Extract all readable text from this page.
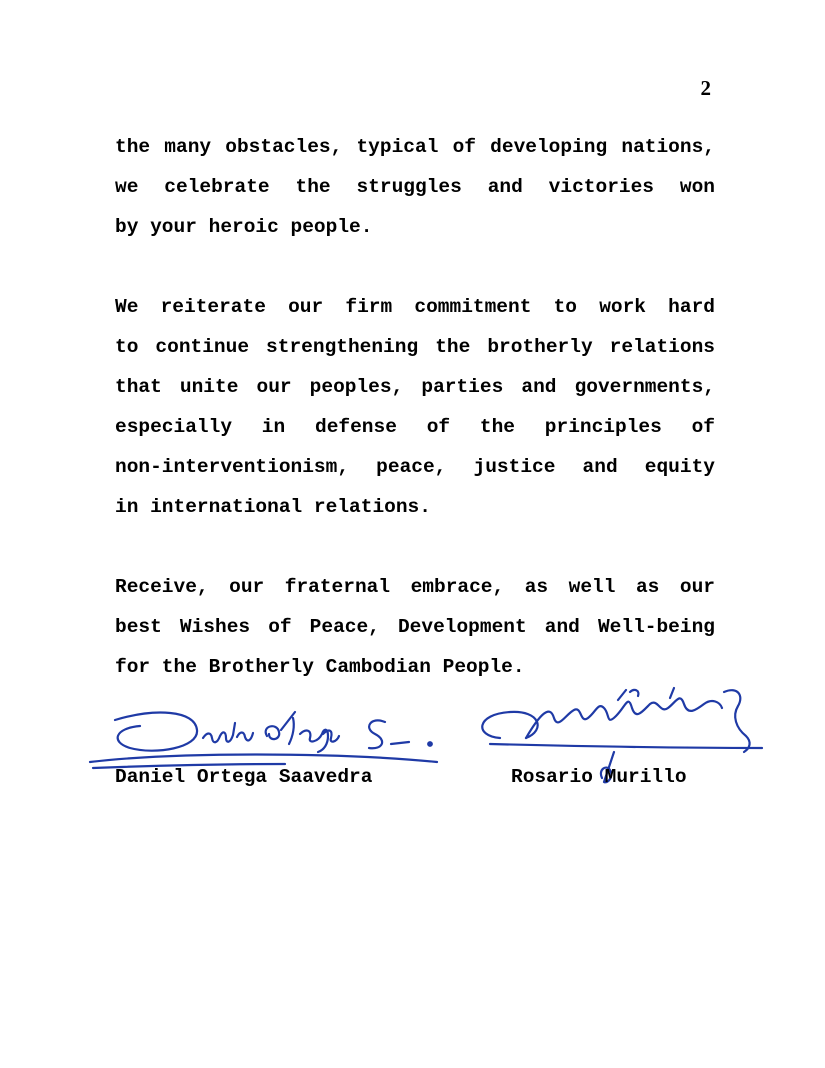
2
the many obstacles, typical of developing nations,
we celebrate the struggles and victories won
by your heroic people.
We reiterate our firm commitment to work hard
to continue strengthening the brotherly relations
that unite our peoples, parties and governments,
especially in defense of the principles of
non-interventionism, peace, justice and equity
in international relations.
Receive, our fraternal embrace, as well as our
best Wishes of Peace, Development and Well-being
for the Brotherly Cambodian People.
Daniel Ortega Saavedra	Rosario Murillo
